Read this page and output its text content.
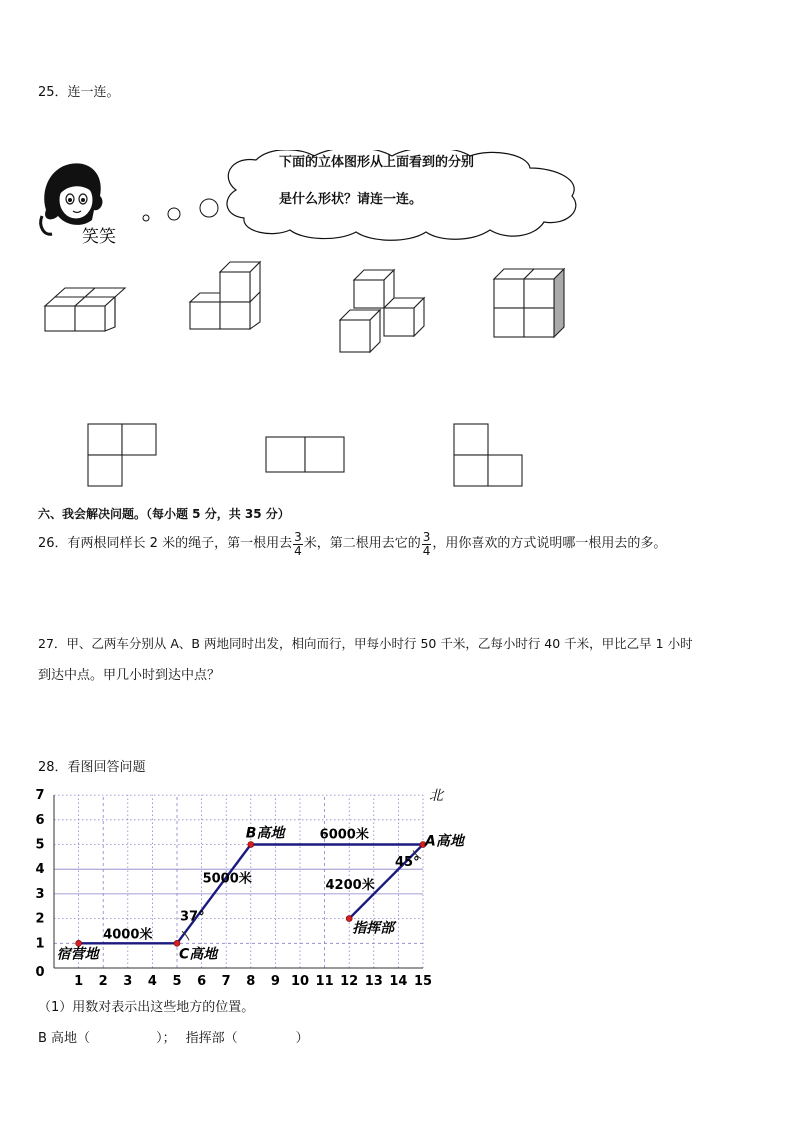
25．连一连。
笑笑
下面的立体图形从上面看到的分别
是什么形状？请连一连。
六、我会解决问题。（每小题 5 分，共 35 分）
26．有两根同样长 2 米的绳子，第一根用去 $\frac{3}{4}$ 米，第二根用去它的 $\frac{3}{4}$ ，用你喜欢的方式说明哪一根用去的多。
27．甲、乙两车分别从 A、B 两地同时出发，相向而行，甲每小时行 50 千米，乙每小时行 40 千米，甲比乙早 1 小时
到达中点。甲几小时到达中点？
28．看图回答问题
0
1 2 3 4 5 6 7 8 9 10 11 12 13 14 15
1
2
3
4
5
6
7	北
宿营地	C高地
B高地	A高地
指挥部
4000米
5000米
6000米
4200米
37°
45°
（1）用数对表示出这些地方的位置。
B 高地（	）； 指挥部（	）
